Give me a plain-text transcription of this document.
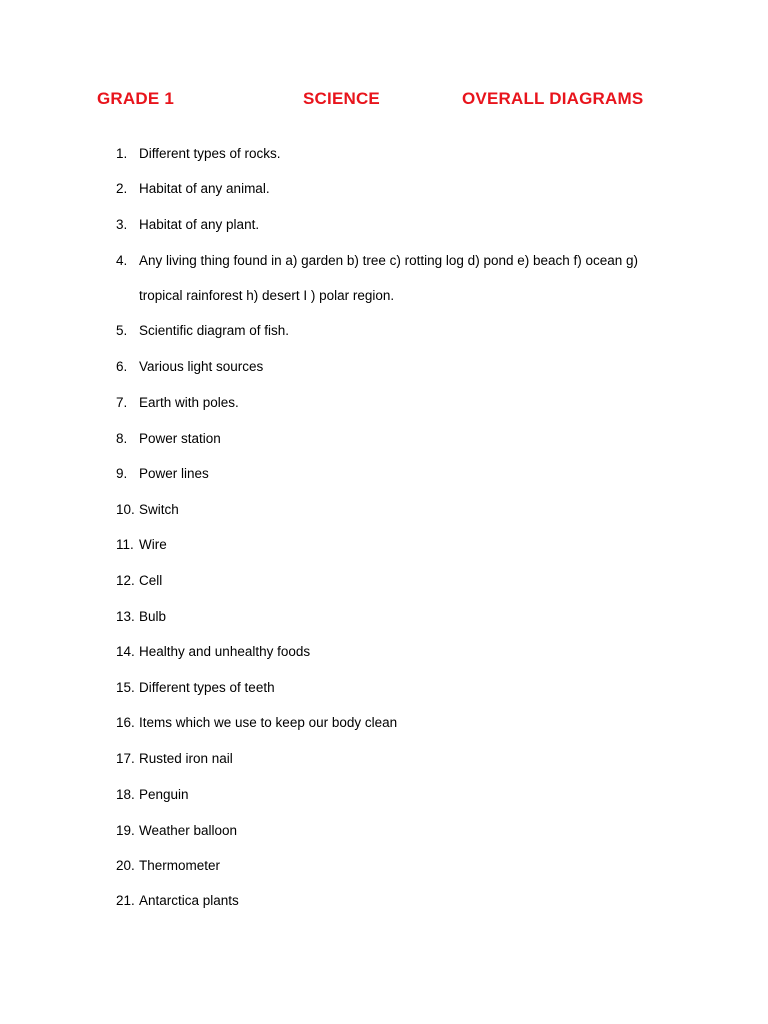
GRADE 1	SCIENCE	OVERALL DIAGRAMS
1. Different types of rocks.
2. Habitat of any animal.
3. Habitat of any plant.
4. Any living thing found in a) garden b) tree c) rotting log d) pond e) beach f) ocean g)
tropical rainforest h) desert I ) polar region.
5. Scientific diagram of fish.
6. Various light sources
7. Earth with poles.
8. Power station
9. Power lines
10. Switch
11. Wire
12. Cell
13. Bulb
14. Healthy and unhealthy foods
15. Different types of teeth
16. Items which we use to keep our body clean
17. Rusted iron nail
18. Penguin
19. Weather balloon
20. Thermometer
21. Antarctica plants
